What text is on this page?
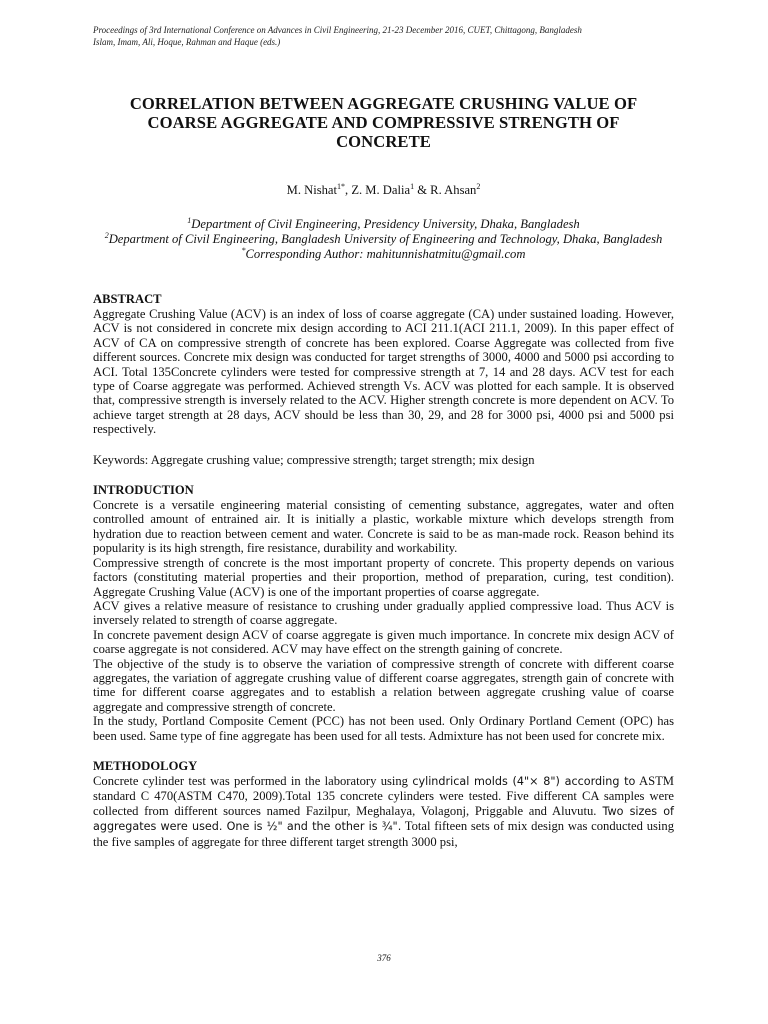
Proceedings of 3rd International Conference on Advances in Civil Engineering, 21-23 December 2016, CUET, Chittagong, Bangladesh
Islam, Imam, Ali, Hoque, Rahman and Haque (eds.)
CORRELATION BETWEEN AGGREGATE CRUSHING VALUE OF
COARSE AGGREGATE AND COMPRESSIVE STRENGTH OF
CONCRETE
M. Nishat$^{1*}$, Z. M. Dalia$^1$ & R. Ahsan$^2$
$^1$Department of Civil Engineering, Presidency University, Dhaka, Bangladesh
$^2$Department of Civil Engineering, Bangladesh University of Engineering and Technology, Dhaka, Bangladesh
*Corresponding Author: mahitunnishatmitu@gmail.com
ABSTRACT

Aggregate Crushing Value (ACV) is an index of loss of coarse aggregate (CA) under sustained loading. However, ACV is not considered in concrete mix design according to ACI 211.1(ACI 211.1, 2009). In this paper effect of ACV of CA on compressive strength of concrete has been explored. Coarse Aggregate was collected from five different sources. Concrete mix design was conducted for target strengths of 3000, 4000 and 5000 psi according to ACI. Total 135Concrete cylinders were tested for compressive strength at 7, 14 and 28 days. ACV test for each type of Coarse aggregate was performed. Achieved strength Vs. ACV was plotted for each sample. It is observed that, compressive strength is inversely related to the ACV. Higher strength concrete is more dependent on ACV. To achieve target strength at 28 days, ACV should be less than 30, 29, and 28 for 3000 psi, 4000 psi and 5000 psi respectively.

Keywords: Aggregate crushing value; compressive strength; target strength; mix design

INTRODUCTION

Concrete is a versatile engineering material consisting of cementing substance, aggregates, water and often controlled amount of entrained air. It is initially a plastic, workable mixture which develops strength from hydration due to reaction between cement and water. Concrete is said to be as man-made rock. Reason behind its popularity is its high strength, fire resistance, durability and workability.

Compressive strength of concrete is the most important property of concrete. This property depends on various factors (constituting material properties and their proportion, method of preparation, curing, test condition). Aggregate Crushing Value (ACV) is one of the important properties of coarse aggregate.

ACV gives a relative measure of resistance to crushing under gradually applied compressive load. Thus ACV is inversely related to strength of coarse aggregate.

In concrete pavement design ACV of coarse aggregate is given much importance. In concrete mix design ACV of coarse aggregate is not considered. ACV may have effect on the strength gaining of concrete.

The objective of the study is to observe the variation of compressive strength of concrete with different coarse aggregates, the variation of aggregate crushing value of different coarse aggregates, strength gain of concrete with time for different coarse aggregates and to establish a relation between aggregate crushing value of coarse aggregate and compressive strength of concrete.

In the study, Portland Composite Cement (PCC) has not been used. Only Ordinary Portland Cement (OPC) has been used. Same type of fine aggregate has been used for all tests. Admixture has not been used for concrete mix.

METHODOLOGY

Concrete cylinder test was performed in the laboratory using cylindrical molds (4"× 8") according to ASTM standard C 470(ASTM C470, 2009).Total 135 concrete cylinders were tested. Five different CA samples were collected from different sources named Fazilpur, Meghalaya, Volagonj, Priggable and Aluvutu. Two sizes of aggregates were used. One is ½" and the other is ¾". Total fifteen sets of mix design was conducted using the five samples of aggregate for three different target strength 3000 psi,

376
